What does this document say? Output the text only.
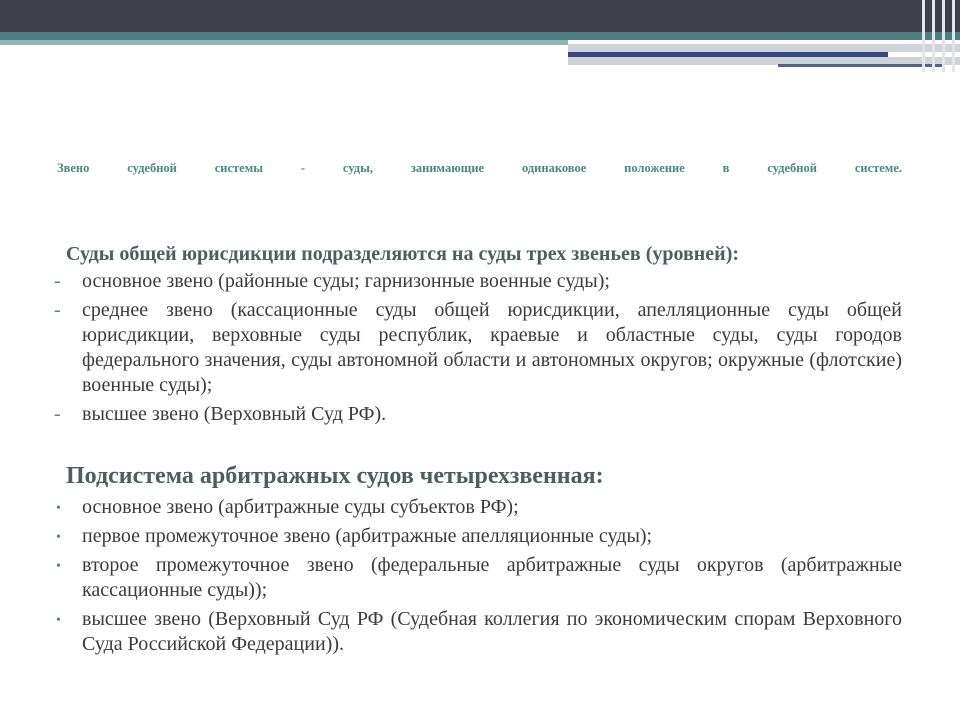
Звено судебной системы - суды, занимающие одинаковое положение в судебной системе.
Суды общей юрисдикции подразделяются на суды трех звеньев (уровней):
-	основное звено (районные суды; гарнизонные военные суды);
-	среднее звено (кассационные суды общей юрисдикции, апелляционные суды общей юрисдикции, верховные суды республик, краевые и областные суды, суды городов федерального значения, суды автономной области и автономных округов; окружные (флотские) военные суды);
-	высшее звено (Верховный Суд РФ).
Подсистема арбитражных судов четырехзвенная:
•	основное звено (арбитражные суды субъектов РФ);
•	первое промежуточное звено (арбитражные апелляционные суды);
•	второе промежуточное звено (федеральные арбитражные суды округов (арбитражные кассационные суды));
•	высшее звено (Верховный Суд РФ (Судебная коллегия по экономическим спорам Верховного Суда Российской Федерации)).
